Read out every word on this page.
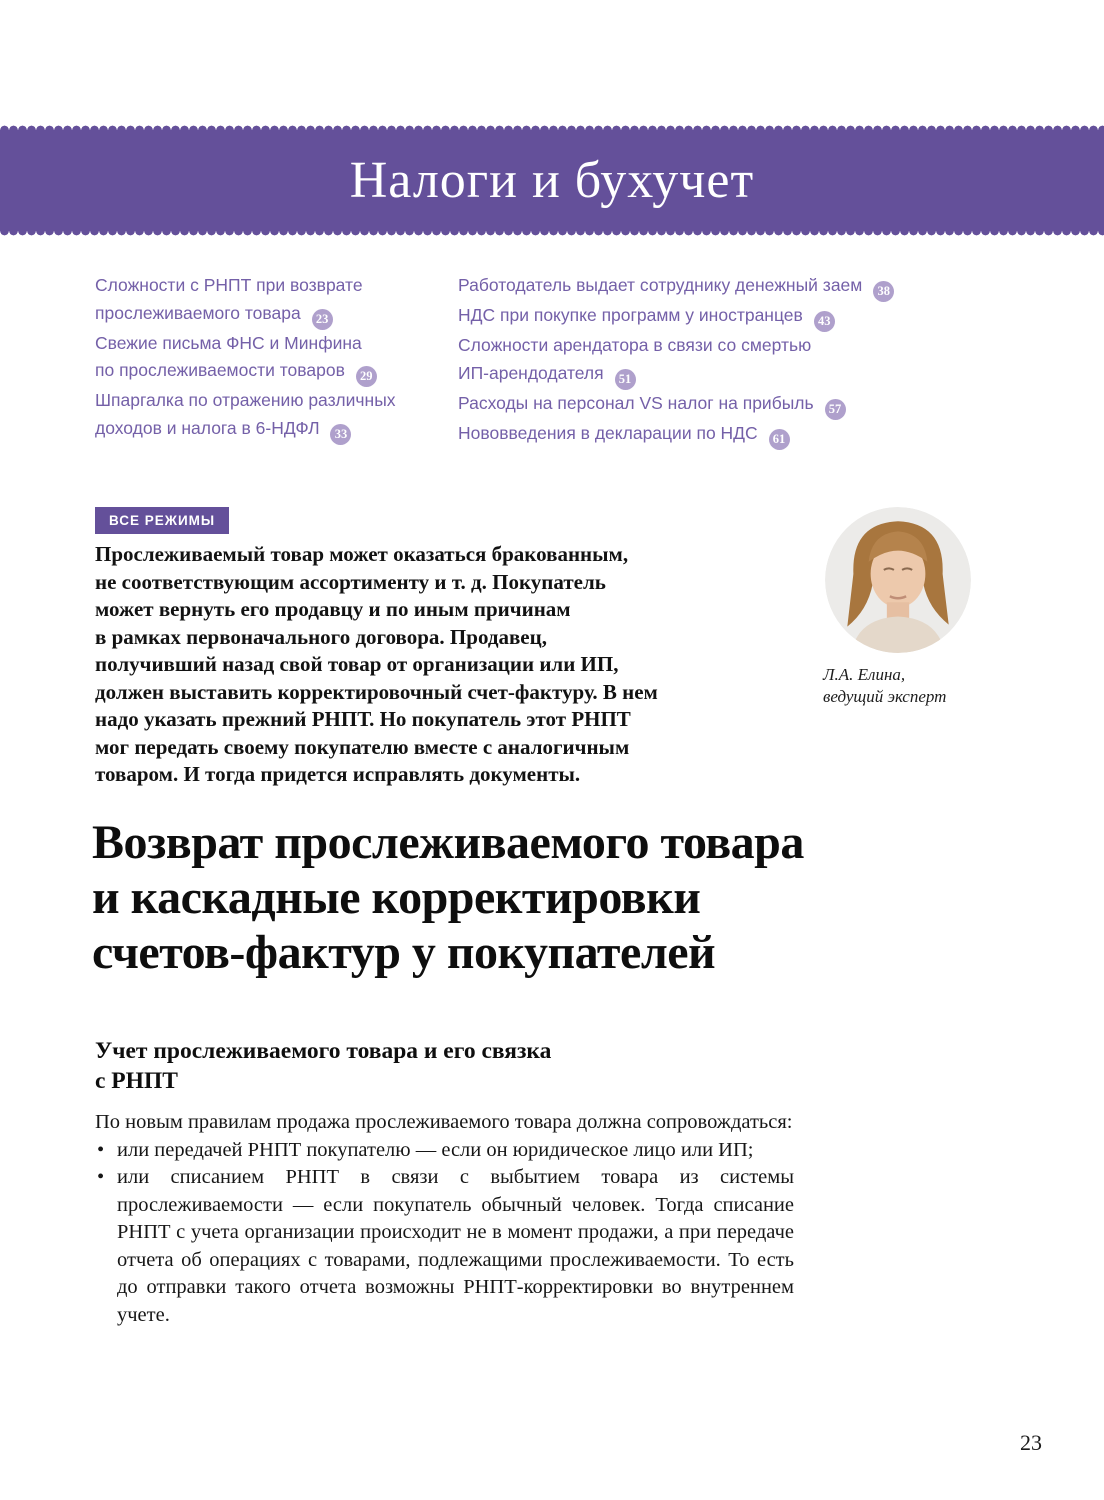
Налоги и бухучет
Сложности с РНПТ при возврате
прослеживаемого товара 23
Свежие письма ФНС и Минфина
по прослеживаемости товаров 29
Шпаргалка по отражению различных
доходов и налога в 6-НДФЛ 33
Работодатель выдает сотруднику денежный заем 38
НДС при покупке программ у иностранцев 43
Сложности арендатора в связи со смертью
ИП-арендодателя 51
Расходы на персонал VS налог на прибыль 57
Нововведения в декларации по НДС 61
ВСЕ РЕЖИМЫ
Прослеживаемый товар может оказаться бракованным,
не соответствующим ассортименту и т. д. Покупатель
может вернуть его продавцу и по иным причинам
в рамках первоначального договора. Продавец,
получивший назад свой товар от организации или ИП,
должен выставить корректировочный счет-фактуру. В нем
надо указать прежний РНПТ. Но покупатель этот РНПТ
мог передать своему покупателю вместе с аналогичным
товаром. И тогда придется исправлять документы.
Л.А. Елина,
ведущий эксперт
Возврат прослеживаемого товара
и каскадные корректировки
счетов-фактур у покупателей
Учет прослеживаемого товара и его связка
с РНПТ

По новым правилам продажа прослеживаемого товара должна сопровождаться:

• или передачей РНПТ покупателю — если он юридическое лицо или ИП;
• или списанием РНПТ в связи с выбытием товара из системы прослеживаемости — если покупатель обычный человек. Тогда списание РНПТ с учета организации происходит не в момент продажи, а при передаче отчета об операциях с товарами, подлежащими прослеживаемости. То есть до отправки такого отчета возможны РНПТ-корректировки во внутреннем учете.
23
